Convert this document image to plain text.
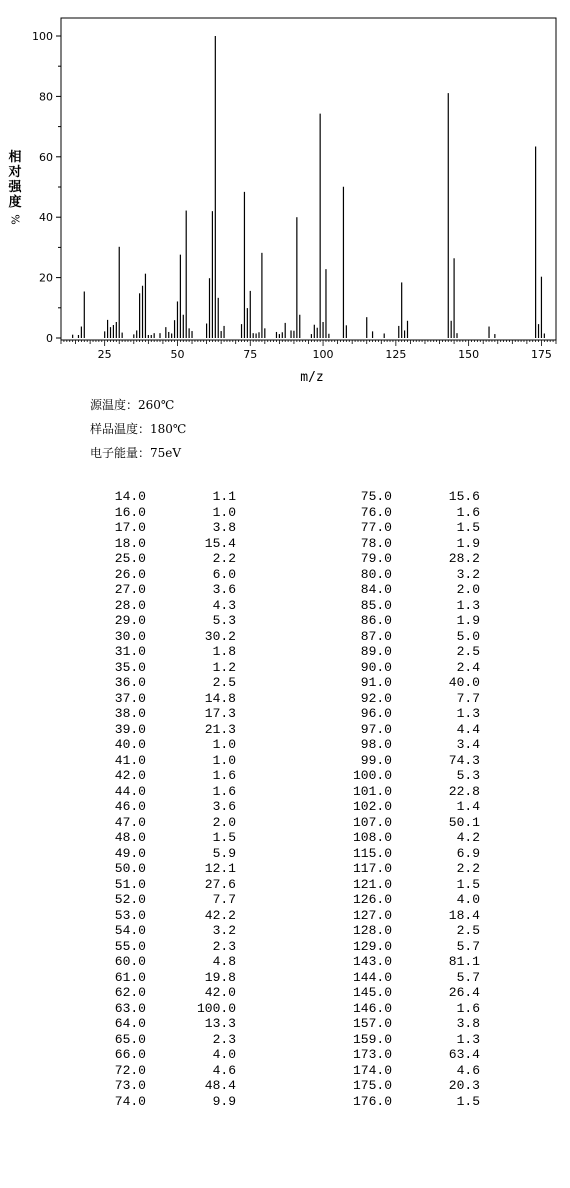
0
20
40
60
80
100
25	50	75	100	125	150	175
m/z
相
对
强
度
%
源温度：260℃
样品温度：180℃
电子能量：75eV
14.0	1.1	75.0	15.6
16.0	1.0	76.0	1.6
17.0	3.8	77.0	1.5
18.0	15.4	78.0	1.9
25.0	2.2	79.0	28.2
26.0	6.0	80.0	3.2
27.0	3.6	84.0	2.0
28.0	4.3	85.0	1.3
29.0	5.3	86.0	1.9
30.0	30.2	87.0	5.0
31.0	1.8	89.0	2.5
35.0	1.2	90.0	2.4
36.0	2.5	91.0	40.0
37.0	14.8	92.0	7.7
38.0	17.3	96.0	1.3
39.0	21.3	97.0	4.4
40.0	1.0	98.0	3.4
41.0	1.0	99.0	74.3
42.0	1.6	100.0	5.3
44.0	1.6	101.0	22.8
46.0	3.6	102.0	1.4
47.0	2.0	107.0	50.1
48.0	1.5	108.0	4.2
49.0	5.9	115.0	6.9
50.0	12.1	117.0	2.2
51.0	27.6	121.0	1.5
52.0	7.7	126.0	4.0
53.0	42.2	127.0	18.4
54.0	3.2	128.0	2.5
55.0	2.3	129.0	5.7
60.0	4.8	143.0	81.1
61.0	19.8	144.0	5.7
62.0	42.0	145.0	26.4
63.0	100.0	146.0	1.6
64.0	13.3	157.0	3.8
65.0	2.3	159.0	1.3
66.0	4.0	173.0	63.4
72.0	4.6	174.0	4.6
73.0	48.4	175.0	20.3
74.0	9.9	176.0	1.5
